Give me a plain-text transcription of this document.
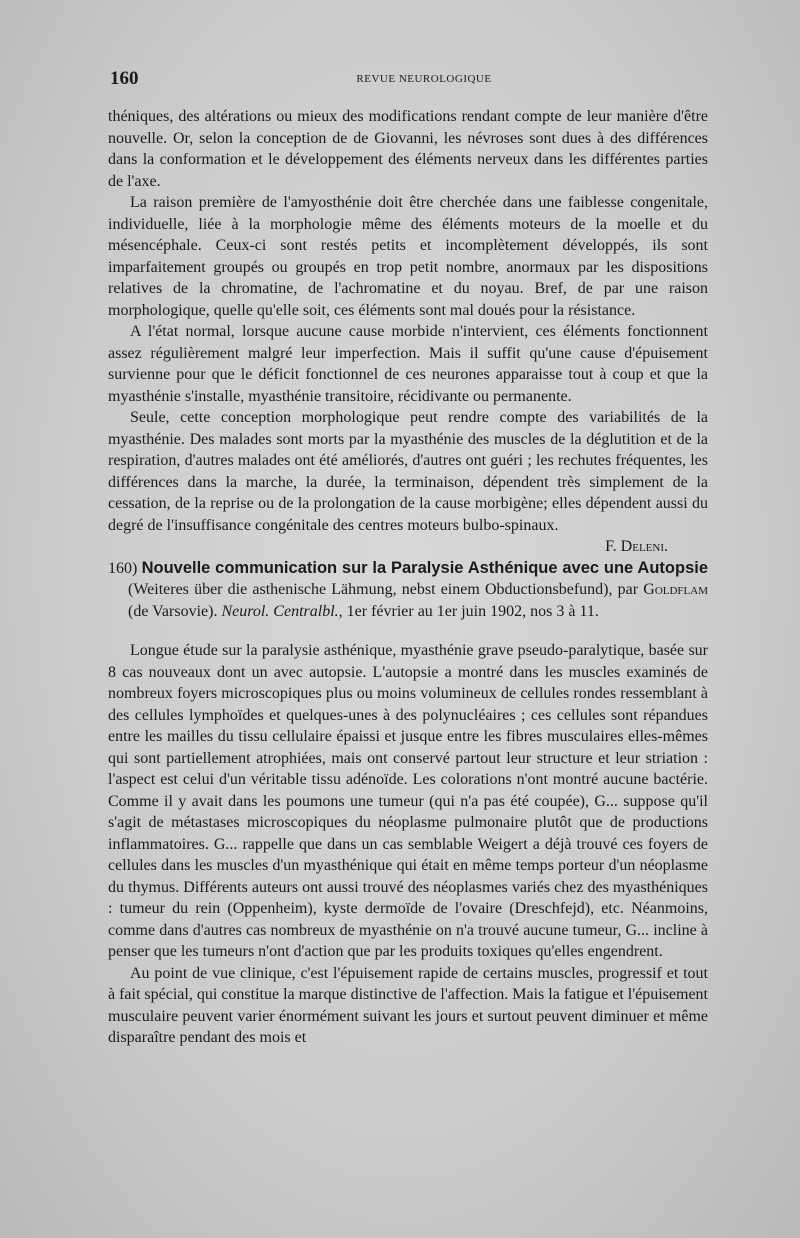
160	REVUE NEUROLOGIQUE

théniques, des altérations ou mieux des modifications rendant compte de leur manière d'être nouvelle. Or, selon la conception de de Giovanni, les névroses sont dues à des différences dans la conformation et le développement des éléments nerveux dans les différentes parties de l'axe.

La raison première de l'amyosthénie doit être cherchée dans une faiblesse congenitale, individuelle, liée à la morphologie même des éléments moteurs de la moelle et du mésencéphale. Ceux-ci sont restés petits et incomplètement développés, ils sont imparfaitement groupés ou groupés en trop petit nombre, anormaux par les dispositions relatives de la chromatine, de l'achromatine et du noyau. Bref, de par une raison morphologique, quelle qu'elle soit, ces éléments sont mal doués pour la résistance.

A l'état normal, lorsque aucune cause morbide n'intervient, ces éléments fonctionnent assez régulièrement malgré leur imperfection. Mais il suffit qu'une cause d'épuisement survienne pour que le déficit fonctionnel de ces neurones apparaisse tout à coup et que la myasthénie s'installe, myasthénie transitoire, récidivante ou permanente.

Seule, cette conception morphologique peut rendre compte des variabilités de la myasthénie. Des malades sont morts par la myasthénie des muscles de la déglutition et de la respiration, d'autres malades ont été améliorés, d'autres ont guéri ; les rechutes fréquentes, les différences dans la marche, la durée, la terminaison, dépendent très simplement de la cessation, de la reprise ou de la prolongation de la cause morbigène; elles dépendent aussi du degré de l'insuffisance congénitale des centres moteurs bulbo-spinaux.

F. Deleni.

160) Nouvelle communication sur la Paralysie Asthénique avec une Autopsie (Weiteres über die asthenische Lähmung, nebst einem Obductionsbefund), par Goldflam (de Varsovie). Neurol. Centralbl., 1er février au 1er juin 1902, nos 3 à 11.

Longue étude sur la paralysie asthénique, myasthénie grave pseudo-paralytique, basée sur 8 cas nouveaux dont un avec autopsie. L'autopsie a montré dans les muscles examinés de nombreux foyers microscopiques plus ou moins volumineux de cellules rondes ressemblant à des cellules lymphoïdes et quelques-unes à des polynucléaires ; ces cellules sont répandues entre les mailles du tissu cellulaire épaissi et jusque entre les fibres musculaires elles-mêmes qui sont partiellement atrophiées, mais ont conservé partout leur structure et leur striation : l'aspect est celui d'un véritable tissu adénoïde. Les colorations n'ont montré aucune bactérie. Comme il y avait dans les poumons une tumeur (qui n'a pas été coupée), G... suppose qu'il s'agit de métastases microscopiques du néoplasme pulmonaire plutôt que de productions inflammatoires. G... rappelle que dans un cas semblable Weigert a déjà trouvé ces foyers de cellules dans les muscles d'un myasthénique qui était en même temps porteur d'un néoplasme du thymus. Différents auteurs ont aussi trouvé des néoplasmes variés chez des myasthéniques : tumeur du rein (Oppenheim), kyste dermoïde de l'ovaire (Dreschfejd), etc. Néanmoins, comme dans d'autres cas nombreux de myasthénie on n'a trouvé aucune tumeur, G... incline à penser que les tumeurs n'ont d'action que par les produits toxiques qu'elles engendrent.

Au point de vue clinique, c'est l'épuisement rapide de certains muscles, progressif et tout à fait spécial, qui constitue la marque distinctive de l'affection. Mais la fatigue et l'épuisement musculaire peuvent varier énormément suivant les jours et surtout peuvent diminuer et même disparaître pendant des mois et
